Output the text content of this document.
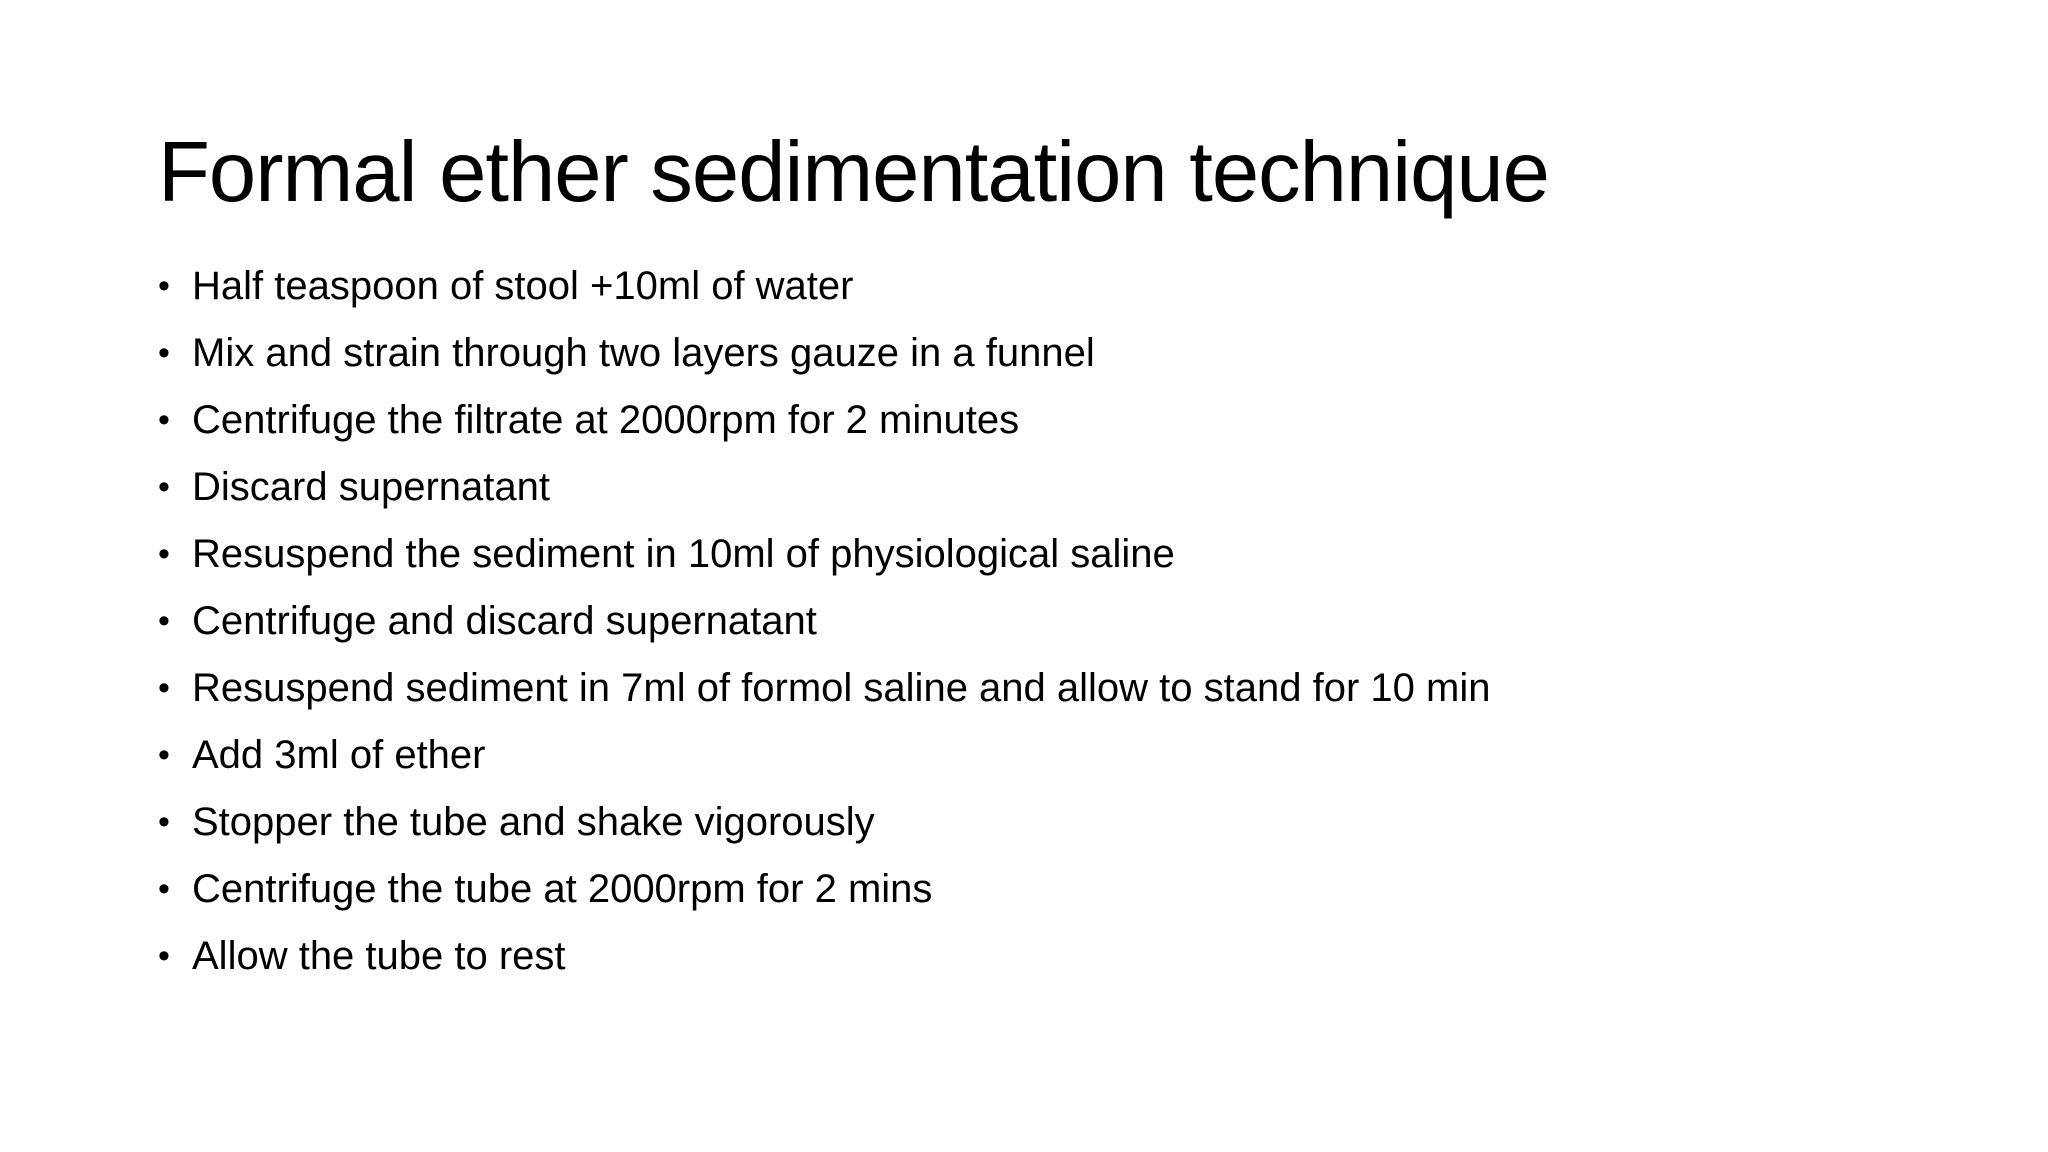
Formal ether sedimentation technique
• Half teaspoon of stool +10ml of water
• Mix and strain through two layers gauze in a funnel
• Centrifuge the filtrate at 2000rpm for 2 minutes
• Discard supernatant
• Resuspend the sediment in 10ml of physiological saline
• Centrifuge and discard supernatant
• Resuspend sediment in 7ml of formol saline and allow to stand for 10 min
• Add 3ml of ether
• Stopper the tube and shake vigorously
• Centrifuge the tube at 2000rpm for 2 mins
• Allow the tube to rest
